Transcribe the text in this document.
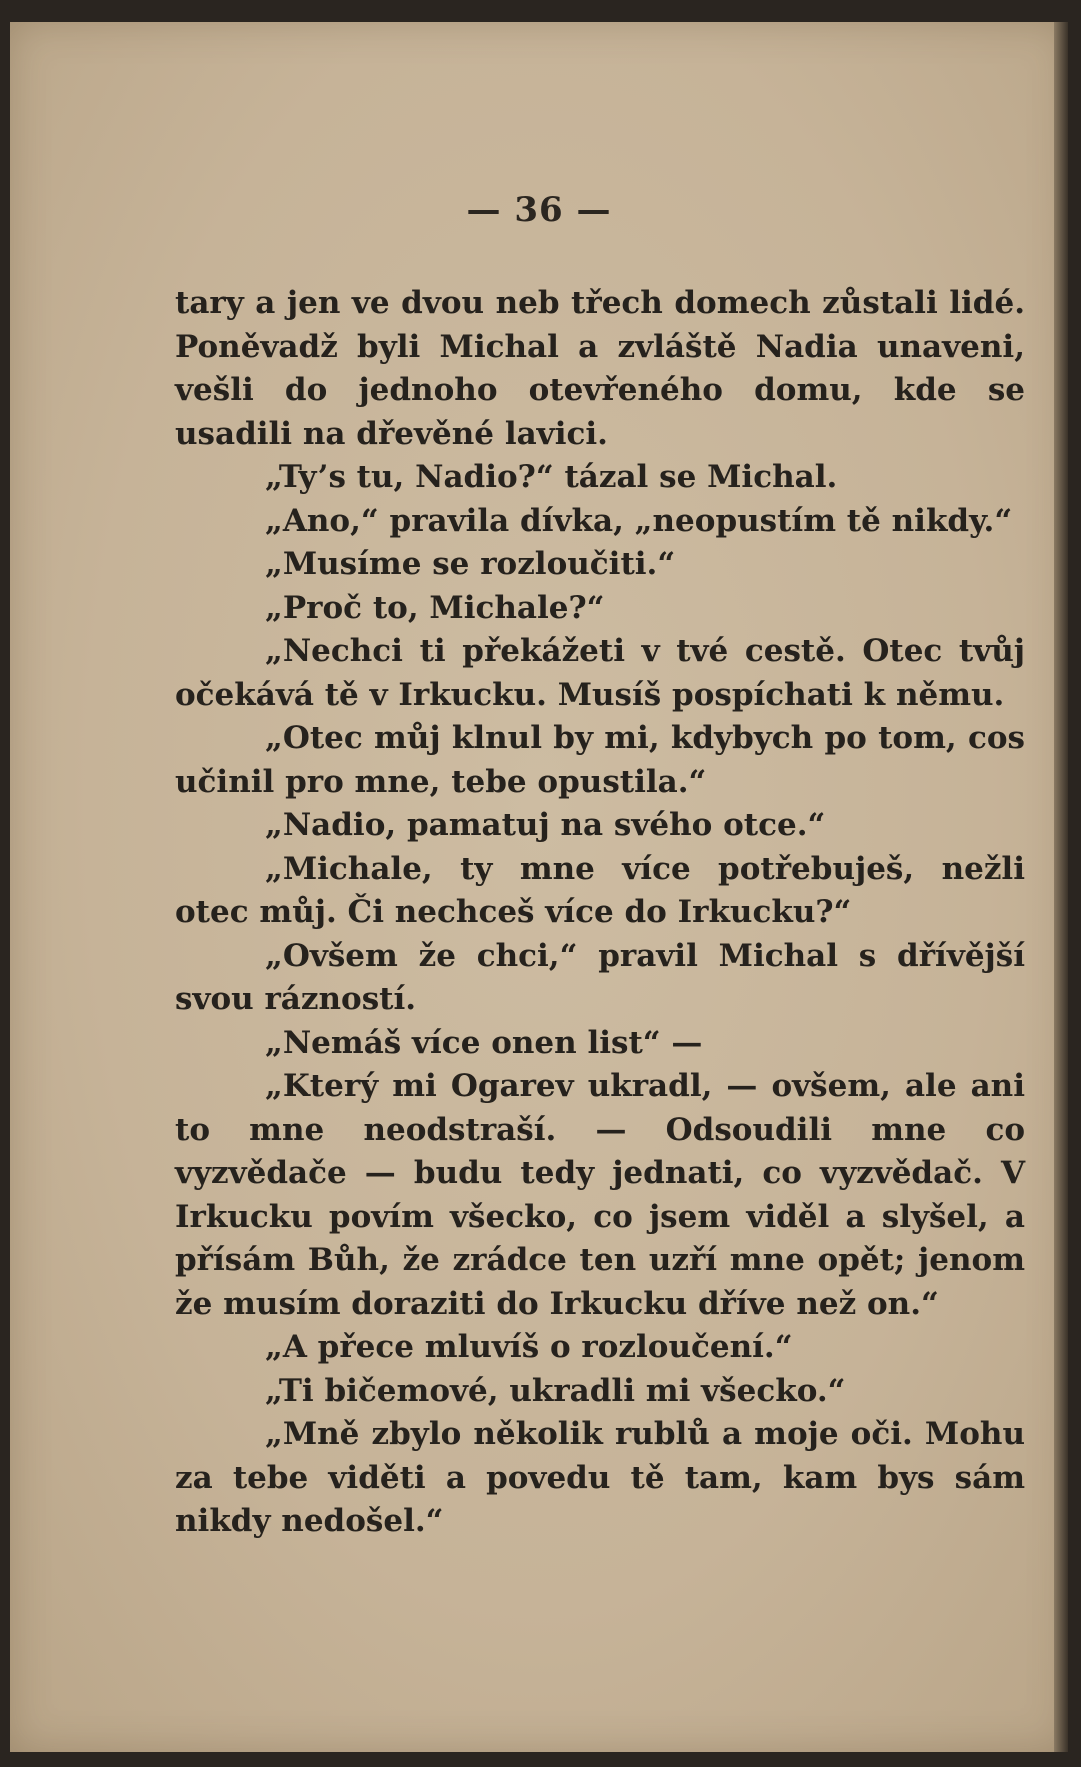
— 36 —

tary a jen ve dvou neb třech domech zůstali lidé. Poněvadž byli Michal a zvláště Nadia unaveni, vešli do jednoho otevřeného domu, kde se usadili na dřevěné lavici.

„Ty’s tu, Nadio?“ tázal se Michal.

„Ano,“ pravila dívka, „neopustím tě nikdy.“

„Musíme se rozloučiti.“

„Proč to, Michale?“

„Nechci ti překážeti v tvé cestě. Otec tvůj očekává tě v Irkucku. Musíš pospíchati k němu.

„Otec můj klnul by mi, kdybych po tom, cos učinil pro mne, tebe opustila.“

„Nadio, pamatuj na svého otce.“

„Michale, ty mne více potřebuješ, nežli otec můj. Či nechceš více do Irkucku?“

„Ovšem že chci,“ pravil Michal s dřívější svou rázností.

„Nemáš více onen list“ —

„Který mi Ogarev ukradl, — ovšem, ale ani to mne neodstraší. — Odsoudili mne co vyzvědače — budu tedy jednati, co vyzvědač. V Irkucku povím všecko, co jsem viděl a slyšel, a přísám Bůh, že zrádce ten uzří mne opět; jenom že musím doraziti do Irkucku dříve než on.“

„A přece mluvíš o rozloučení.“

„Ti bičemové, ukradli mi všecko.“

„Mně zbylo několik rublů a moje oči. Mohu za tebe viděti a povedu tě tam, kam bys sám nikdy nedošel.“
